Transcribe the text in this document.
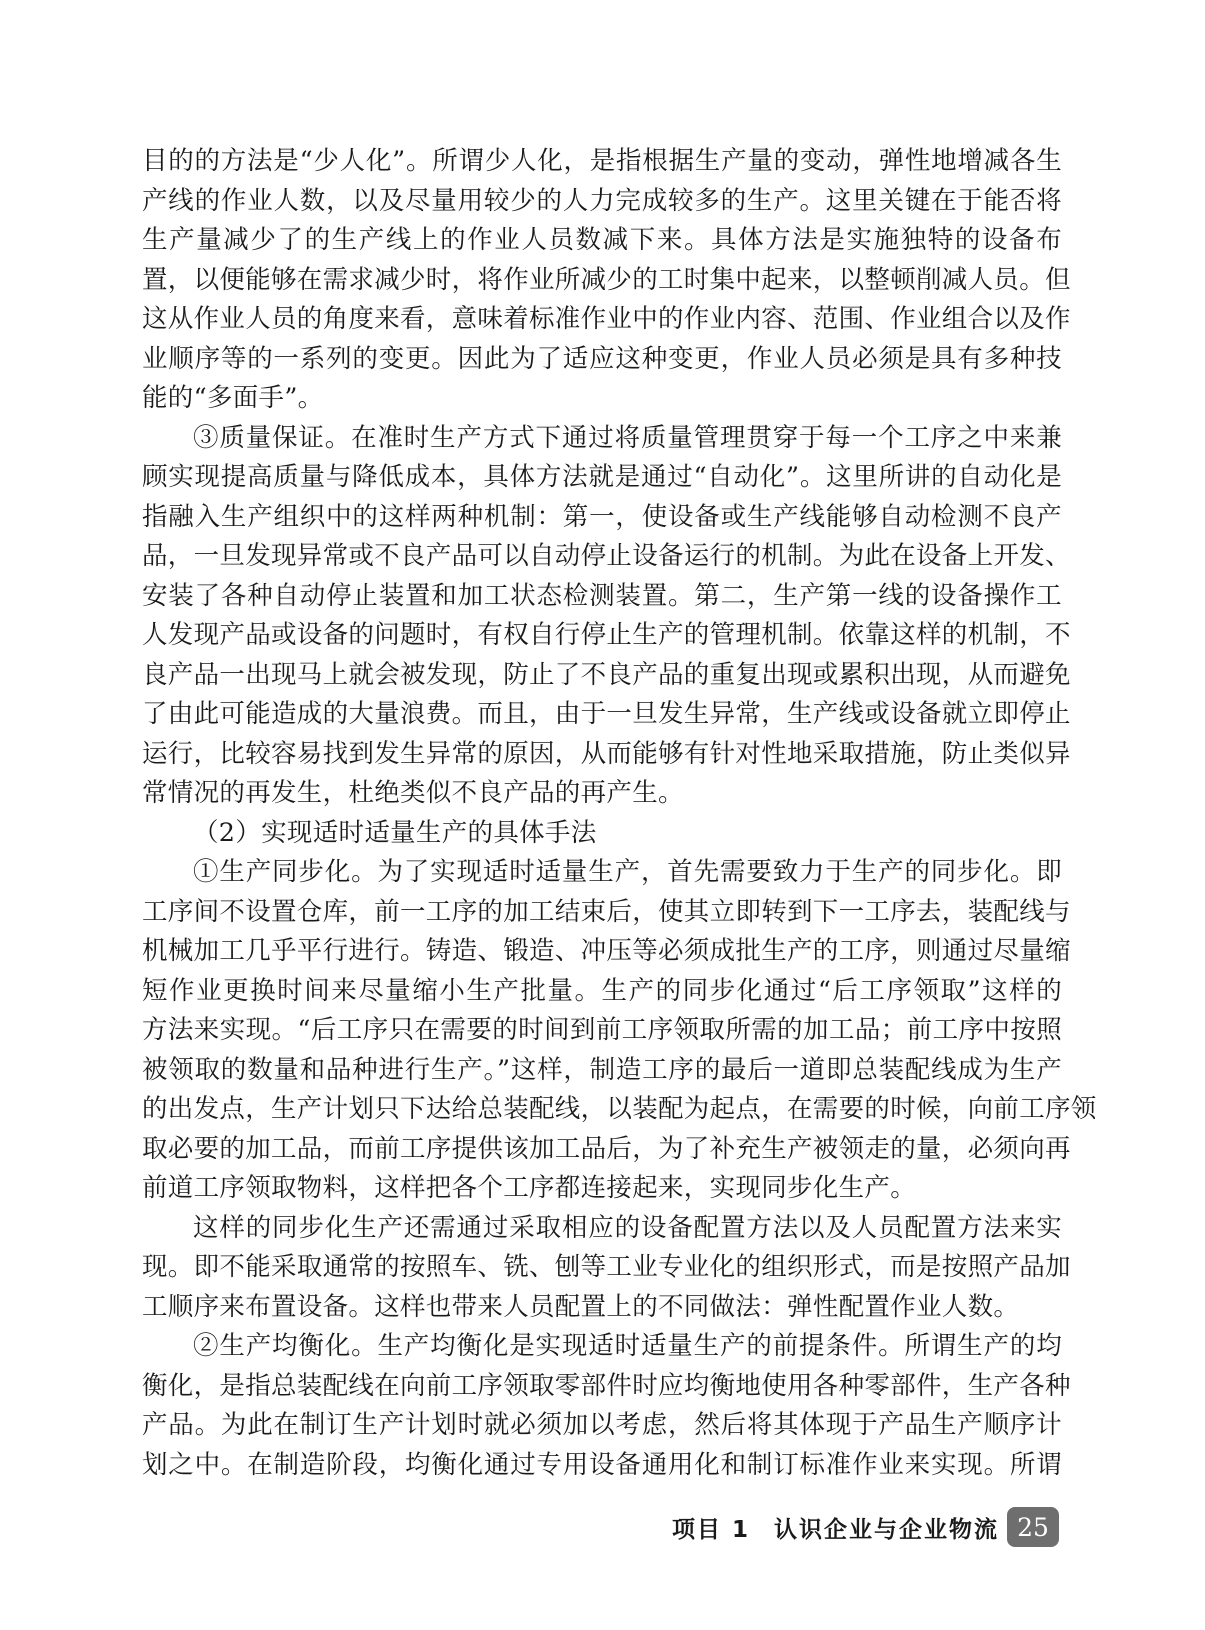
目的的方法是“少人化”。所谓少人化，是指根据生产量的变动，弹性地增减各生
产线的作业人数，以及尽量用较少的人力完成较多的生产。这里关键在于能否将
生产量减少了的生产线上的作业人员数减下来。具体方法是实施独特的设备布
置，以便能够在需求减少时，将作业所减少的工时集中起来，以整顿削减人员。但
这从作业人员的角度来看，意味着标准作业中的作业内容、范围、作业组合以及作
业顺序等的一系列的变更。因此为了适应这种变更，作业人员必须是具有多种技
能的“多面手”。
③质量保证。在准时生产方式下通过将质量管理贯穿于每一个工序之中来兼
顾实现提高质量与降低成本，具体方法就是通过“自动化”。这里所讲的自动化是
指融入生产组织中的这样两种机制：第一，使设备或生产线能够自动检测不良产
品，一旦发现异常或不良产品可以自动停止设备运行的机制。为此在设备上开发、
安装了各种自动停止装置和加工状态检测装置。第二，生产第一线的设备操作工
人发现产品或设备的问题时，有权自行停止生产的管理机制。依靠这样的机制，不
良产品一出现马上就会被发现，防止了不良产品的重复出现或累积出现，从而避免
了由此可能造成的大量浪费。而且，由于一旦发生异常，生产线或设备就立即停止
运行，比较容易找到发生异常的原因，从而能够有针对性地采取措施，防止类似异
常情况的再发生，杜绝类似不良产品的再产生。
（2）实现适时适量生产的具体手法
①生产同步化。为了实现适时适量生产，首先需要致力于生产的同步化。即
工序间不设置仓库，前一工序的加工结束后，使其立即转到下一工序去，装配线与
机械加工几乎平行进行。铸造、锻造、冲压等必须成批生产的工序，则通过尽量缩
短作业更换时间来尽量缩小生产批量。生产的同步化通过“后工序领取”这样的
方法来实现。“后工序只在需要的时间到前工序领取所需的加工品；前工序中按照
被领取的数量和品种进行生产。”这样，制造工序的最后一道即总装配线成为生产
的出发点，生产计划只下达给总装配线，以装配为起点，在需要的时候，向前工序领
取必要的加工品，而前工序提供该加工品后，为了补充生产被领走的量，必须向再
前道工序领取物料，这样把各个工序都连接起来，实现同步化生产。
这样的同步化生产还需通过采取相应的设备配置方法以及人员配置方法来实
现。即不能采取通常的按照车、铣、刨等工业专业化的组织形式，而是按照产品加
工顺序来布置设备。这样也带来人员配置上的不同做法：弹性配置作业人数。
②生产均衡化。生产均衡化是实现适时适量生产的前提条件。所谓生产的均
衡化，是指总装配线在向前工序领取零部件时应均衡地使用各种零部件，生产各种
产品。为此在制订生产计划时就必须加以考虑，然后将其体现于产品生产顺序计
划之中。在制造阶段，均衡化通过专用设备通用化和制订标准作业来实现。所谓
项目 1 认识企业与企业物流 25
